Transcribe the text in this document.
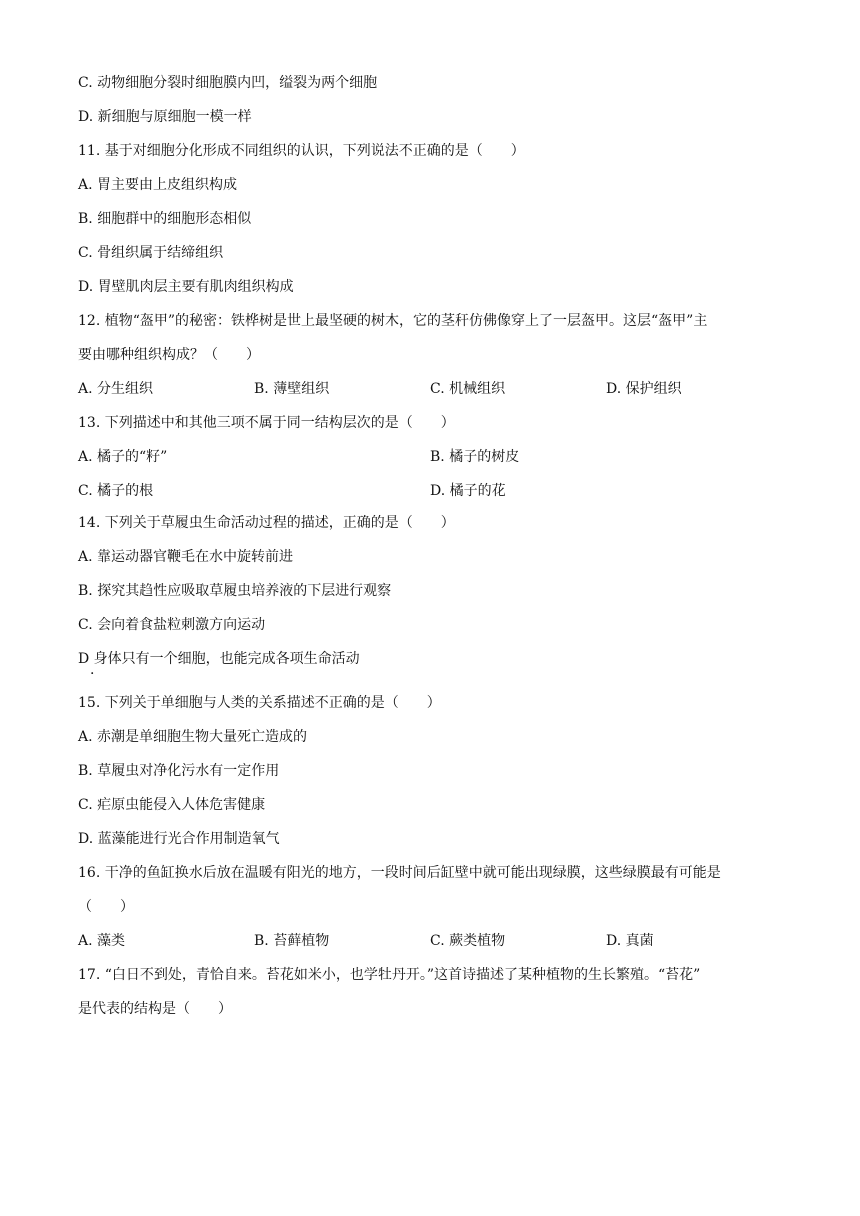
C. 动物细胞分裂时细胞膜内凹，缢裂为两个细胞
D. 新细胞与原细胞一模一样
11. 基于对细胞分化形成不同组织的认识，下列说法不正确的是（　　）
A. 胃主要由上皮组织构成
B. 细胞群中的细胞形态相似
C. 骨组织属于结缔组织
D. 胃壁肌肉层主要有肌肉组织构成
12. 植物“盔甲”的秘密：铁桦树是世上最坚硬的树木，它的茎秆仿佛像穿上了一层盔甲。这层“盔甲”主
要由哪种组织构成？（　　）
A. 分生组织	B. 薄壁组织	C. 机械组织	D. 保护组织
13. 下列描述中和其他三项不属于同一结构层次的是（　　）
A. 橘子的“籽”	B. 橘子的树皮
C. 橘子的根	D. 橘子的花
14. 下列关于草履虫生命活动过程的描述，正确的是（　　）
A. 靠运动器官鞭毛在水中旋转前进
B. 探究其趋性应吸取草履虫培养液的下层进行观察
C. 会向着食盐粒刺激方向运动
D 身体只有一个细胞，也能完成各项生命活动
·
15. 下列关于单细胞与人类的关系描述不正确的是（　　）
A. 赤潮是单细胞生物大量死亡造成的
B. 草履虫对净化污水有一定作用
C. 疟原虫能侵入人体危害健康
D. 蓝藻能进行光合作用制造氧气
16. 干净的鱼缸换水后放在温暖有阳光的地方，一段时间后缸壁中就可能出现绿膜，这些绿膜最有可能是
（　　）
A. 藻类	B. 苔藓植物	C. 蕨类植物	D. 真菌
17. “白日不到处，青恰自来。苔花如米小，也学牡丹开。”这首诗描述了某种植物的生长繁殖。“苔花”
是代表的结构是（　　）
